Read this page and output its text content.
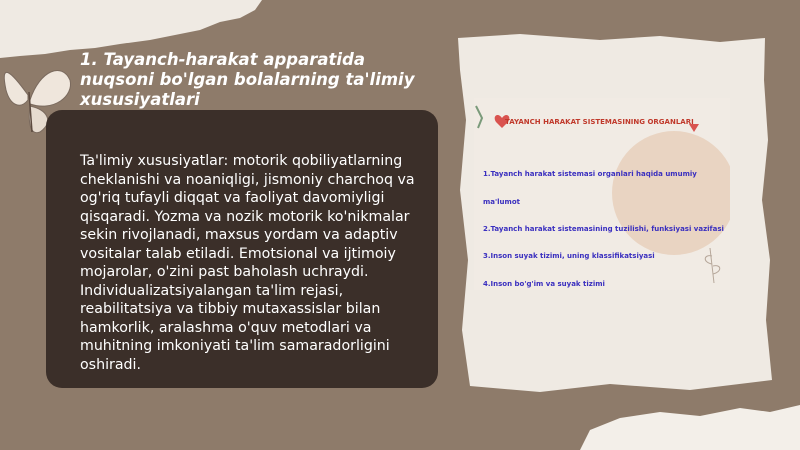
1. Tayanch-harakat apparatida nuqsoni bo'lgan bolalarning ta'limiy xususiyatlari
Ta'limiy xususiyatlar: motorik qobiliyatlarning cheklanishi va noaniqligi, jismoniy charchoq va og'riq tufayli diqqat va faoliyat davomiyligi qisqaradi. Yozma va nozik motorik ko'nikmalar sekin rivojlanadi, maxsus yordam va adaptiv vositalar talab etiladi. Emotsional va ijtimoiy mojarolar, o'zini past baholash uchraydi. Individualizatsiyalangan ta'lim rejasi, reabilitatsiya va tibbiy mutaxassislar bilan hamkorlik, aralashma o'quv metodlari va muhitning imkoniyati ta'lim samaradorligini oshiradi.
TAYANCH HARAKAT SISTEMASINING ORGANLARI
1.Tayanch harakat sistemasi organlari haqida umumiy
ma'lumot
2.Tayanch harakat sistemasining tuzilishi, funksiyasi vazifasi
3.Inson suyak tizimi, uning klassifikatsiyasi
4.Inson bo'g'im va suyak tizimi
